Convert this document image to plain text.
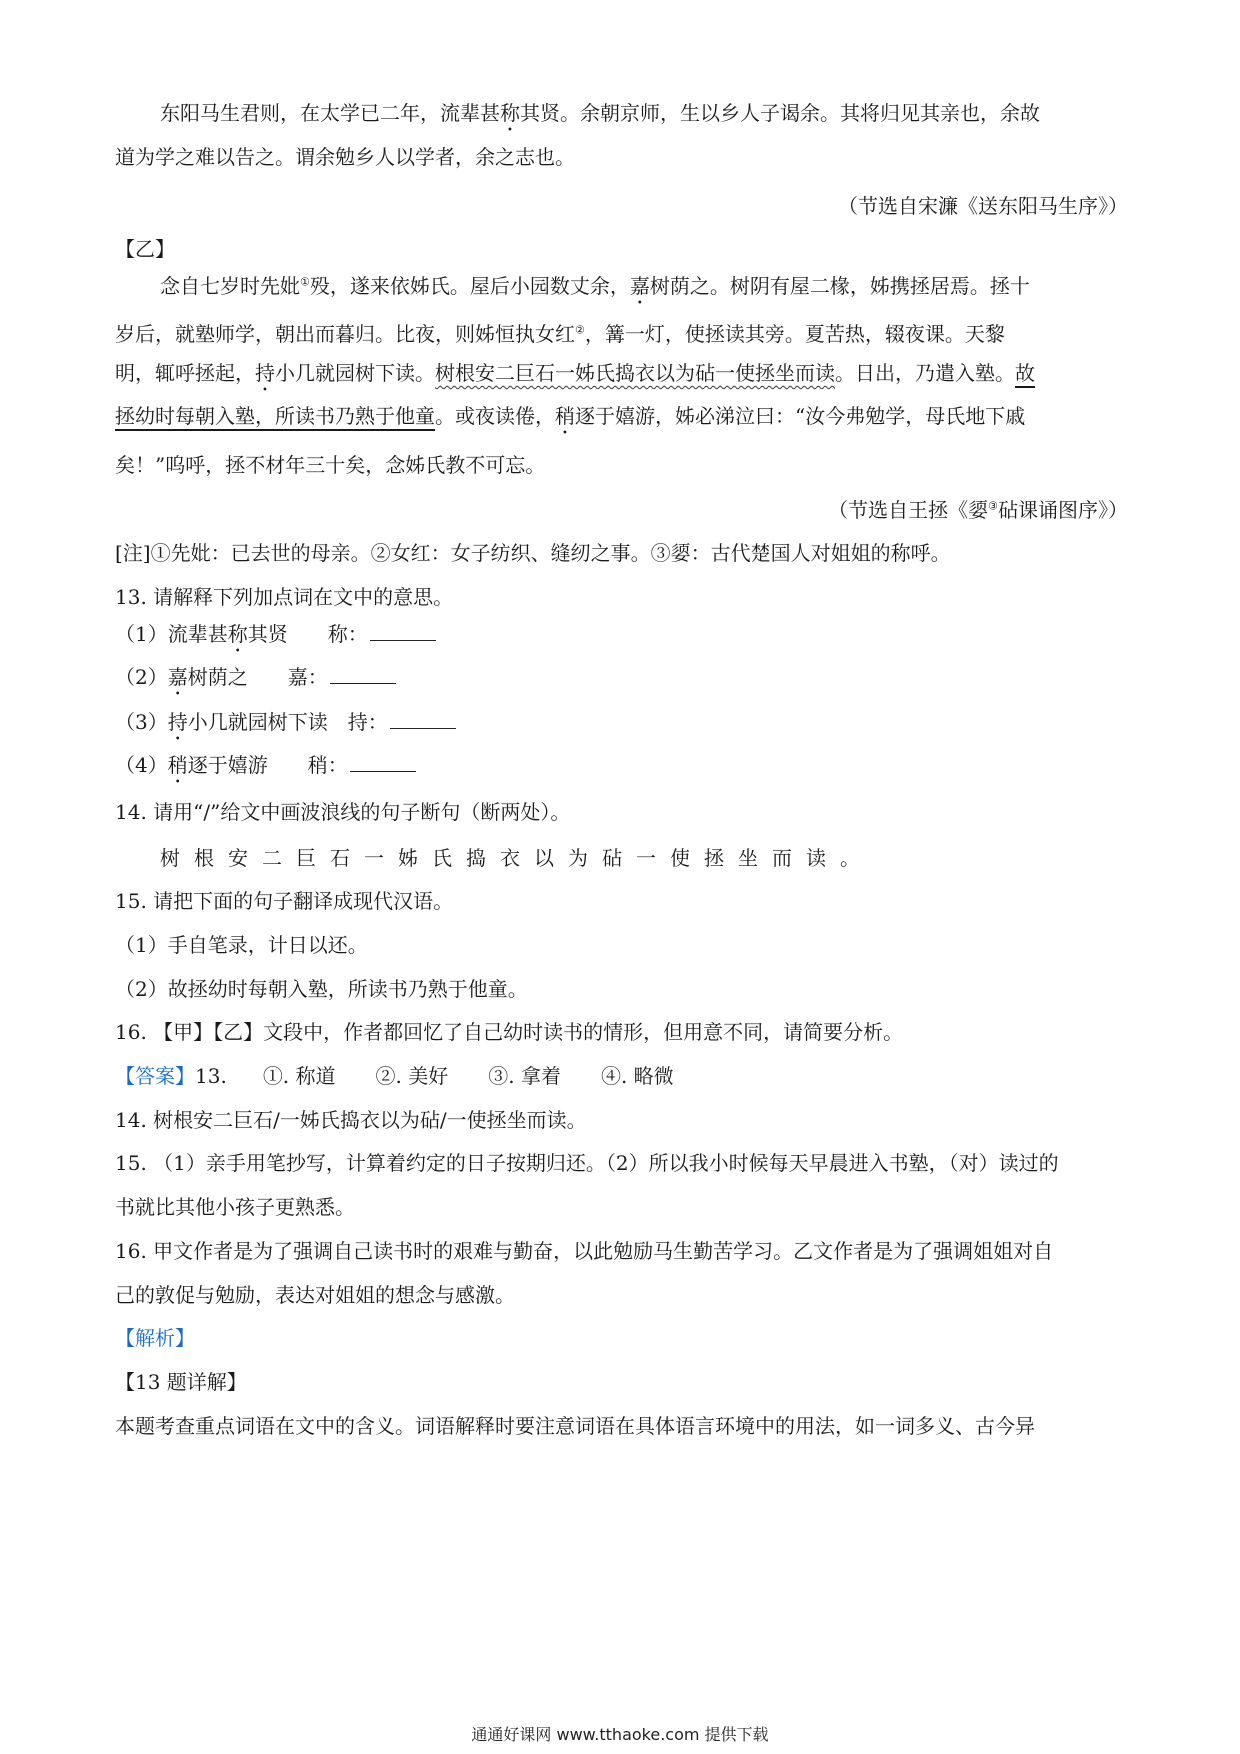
东阳马生君则，在太学已二年，流辈甚称其贤。余朝京师，生以乡人子谒余。其将归见其亲也，余故
道为学之难以告之。谓余勉乡人以学者，余之志也。
（节选自宋濂《送东阳马生序》）
【乙】
念自七岁时先妣①殁，遂来依姊氏。屋后小园数丈余，嘉树荫之。树阴有屋二椽，姊携拯居焉。拯十
岁后，就塾师学，朝出而暮归。比夜，则姊恒执女红②，篝一灯，使拯读其旁。夏苦热，辍夜课。天黎
明，辄呼拯起，持小几就园树下读。树根安二巨石一姊氏捣衣以为砧一使拯坐而读。日出，乃遣入塾。故
拯幼时每朝入塾，所读书乃熟于他童。或夜读倦，稍逐于嬉游，姊必涕泣曰：“汝今弗勉学，母氏地下戚
矣！”呜呼，拯不材年三十矣，念姊氏教不可忘。
（节选自王拯《媭③砧课诵图序》）
[注]①先妣：已去世的母亲。②女红：女子纺织、缝纫之事。③媭：古代楚国人对姐姐的称呼。
13. 请解释下列加点词在文中的意思。
（1）流辈甚称其贤 称：
（2）嘉树荫之 嘉：
（3）持小几就园树下读 持：
（4）稍逐于嬉游 稍：
14. 请用“/”给文中画波浪线的句子断句（断两处）。
树根安二巨石一姊氏捣衣以为砧一使拯坐而读。
15. 请把下面的句子翻译成现代汉语。
（1）手自笔录，计日以还。
（2）故拯幼时每朝入塾，所读书乃熟于他童。
16. 【甲】【乙】文段中，作者都回忆了自己幼时读书的情形，但用意不同，请简要分析。
【答案】13. ①. 称道 ②. 美好 ③. 拿着 ④. 略微
14. 树根安二巨石/一姊氏捣衣以为砧/一使拯坐而读。
15. （1）亲手用笔抄写，计算着约定的日子按期归还。（2）所以我小时候每天早晨进入书塾，（对）读过的
书就比其他小孩子更熟悉。
16. 甲文作者是为了强调自己读书时的艰难与勤奋，以此勉励马生勤苦学习。乙文作者是为了强调姐姐对自
己的敦促与勉励，表达对姐姐的想念与感激。
【解析】
【13 题详解】
本题考查重点词语在文中的含义。词语解释时要注意词语在具体语言环境中的用法，如一词多义、古今异
通通好课网 www.tthaoke.com 提供下载
